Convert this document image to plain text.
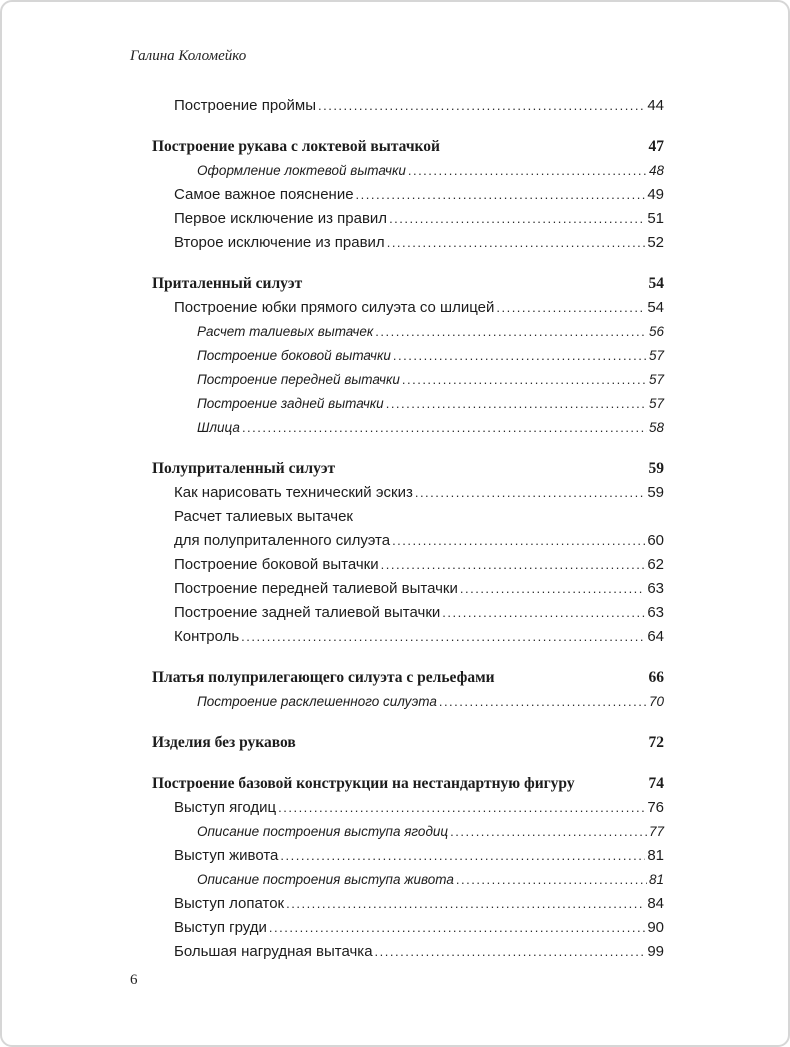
Галина Коломейко
Построение проймы .....	44
Построение рукава с локтевой вытачкой	47
Оформление локтевой вытачки .....	48
Самое важное пояснение .....	49
Первое исключение из правил .....	51
Второе исключение из правил .....	52
Приталенный силуэт	54
Построение юбки прямого силуэта со шлицей .....	54
Расчет талиевых вытачек .....	56
Построение боковой вытачки .....	57
Построение передней вытачки .....	57
Построение задней вытачки .....	57
Шлица .....	58
Полуприталенный силуэт	59
Как нарисовать технический эскиз .....	59
Расчет талиевых вытачек
для полуприталенного силуэта .....	60
Построение боковой вытачки .....	62
Построение передней талиевой вытачки .....	63
Построение задней талиевой вытачки .....	63
Контроль .....	64
Платья полуприлегающего силуэта с рельефами	66
Построение расклешенного силуэта .....	70
Изделия без рукавов	72
Построение базовой конструкции на нестандартную фигуру	74
Выступ ягодиц .....	76
Описание построения выступа ягодиц .....	77
Выступ живота .....	81
Описание построения выступа живота .....	81
Выступ лопаток .....	84
Выступ груди .....	90
Большая нагрудная вытачка .....	99
6
